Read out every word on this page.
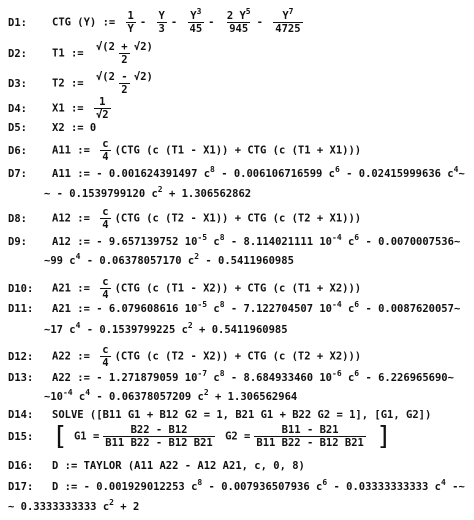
D1: CTG (Y) := $\frac{1}{Y} - \frac{Y}{3} - \frac{Y^3}{45} - \frac{2 Y^5}{945} - \frac{Y^7}{4725}$
D2: T1 := $\frac{√(2 + √2)}{2}$
D3: T2 := $\frac{√(2 - √2)}{2}$
D4: X1 := $\frac{1}{√2}$
D5: X2 := 0
D6: A11 := $\frac{c}{4} (CTG$ (c (T1 - X1)) + CTG (c (T1 + X1)))
D7: A11 := - 0.001624391497 $c^8 - 0.006106716599$ $c^6 - 0.02415999636$ $c^4\sim$
~ - 0.1539799120 $c^2 + 1.306562862$
D8: A12 := $\frac{c}{4} (CTG$ (c (T2 - X1)) + CTG (c (T2 + X1)))
D9: A12 := - 9.657139752 $10^{-5}$ $c^8 - 8.114021111$ $10^{-4}$ $c^6$ - 0.0070007536~
~99 $c^4 - 0.06378057170$ $c^2 - 0.5411960985$
D10: A21 := $\frac{c}{4} (CTG$ (c (T1 - X2)) + CTG (c (T1 + X2)))
D11: A21 := - 6.079608616 $10^{-5}$ $c^8 - 7.122704507$ $10^{-4}$ $c^6$ - 0.0087620057~
~17 $c^4 - 0.1539799225$ $c^2 + 0.5411960985$
D12: A22 := $\frac{c}{4} (CTG$ (c (T2 - X2)) + CTG (c (T2 + X2)))
D13: A22 := - 1.271879059 $10^{-7}$ $c^8 - 8.684933460$ $10^{-6}$ $c^6$ - 6.226965690~
$\sim 10^{-4}$ $c^4 - 0.06378057209$ $c^2 + 1.306562964$
D14: SOLVE ([B11 G1 + B12 G2 = 1, B21 G1 + B22 G2 = 1], [G1, G2])
D15: [ $G1 = \frac{B22 - B12}{B11 B22 - B12 B21} G2 = \frac{B11 - B21}{B11 B22 - B12 B21}$ ]
D16: D := TAYLOR (A11 A22 - A12 A21, c, 0, 8)
D17: D := - 0.001929012253 $c^8 - 0.007936507936$ $c^6 - 0.03333333333$ $c^4$ -~
~ 0.3333333333 $c^2 + 2$
